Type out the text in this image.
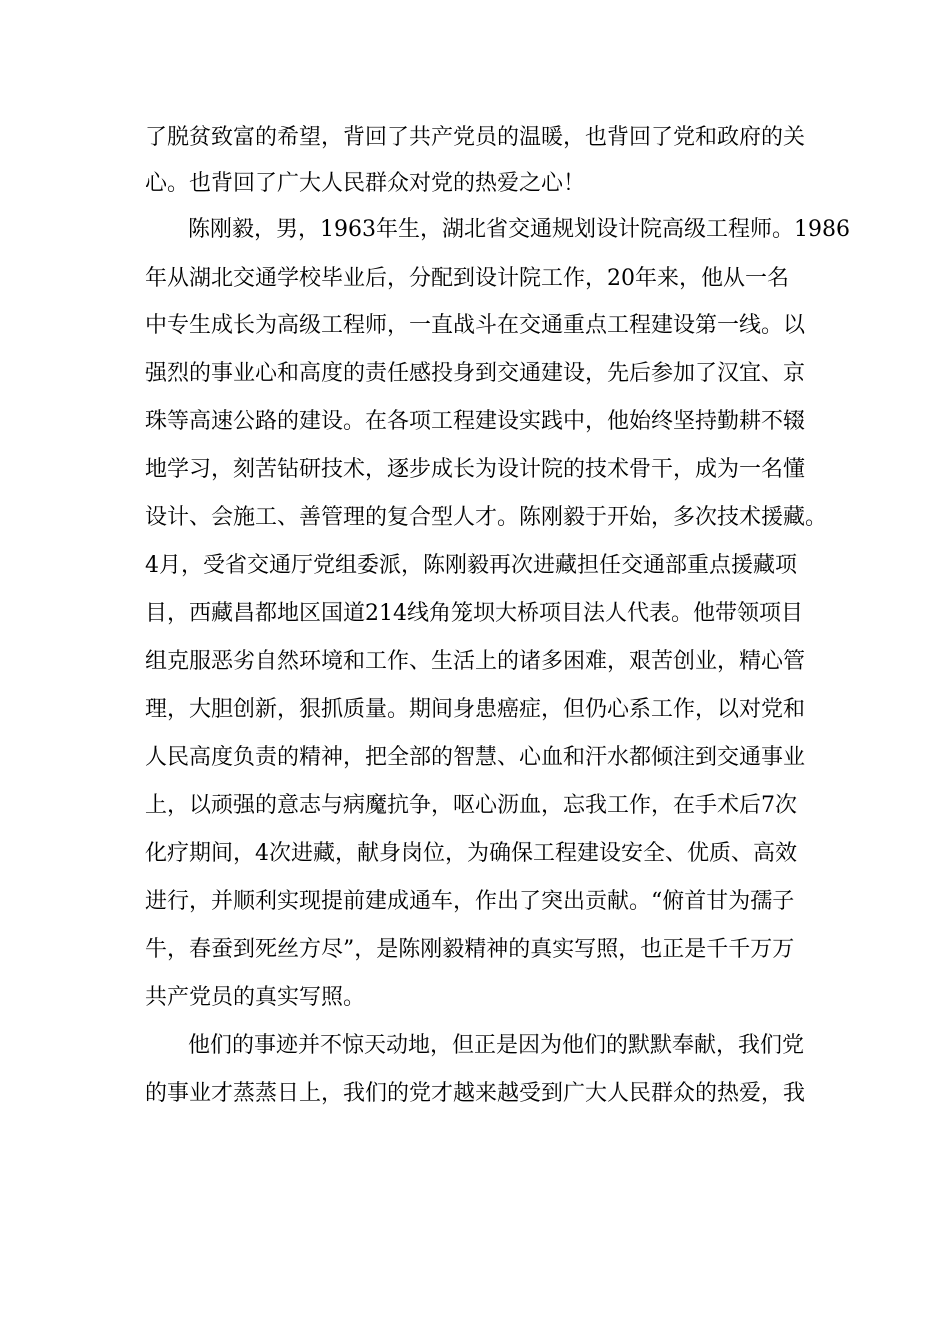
了脱贫致富的希望，背回了共产党员的温暖，也背回了党和政府的关
心。也背回了广大人民群众对党的热爱之心！
陈刚毅，男，1963年生，湖北省交通规划设计院高级工程师。1986
年从湖北交通学校毕业后，分配到设计院工作，20年来，他从一名
中专生成长为高级工程师，一直战斗在交通重点工程建设第一线。以
强烈的事业心和高度的责任感投身到交通建设，先后参加了汉宜、京
珠等高速公路的建设。在各项工程建设实践中，他始终坚持勤耕不辍
地学习，刻苦钻研技术，逐步成长为设计院的技术骨干，成为一名懂
设计、会施工、善管理的复合型人才。陈刚毅于开始，多次技术援藏。
4月，受省交通厅党组委派，陈刚毅再次进藏担任交通部重点援藏项
目，西藏昌都地区国道214线角笼坝大桥项目法人代表。他带领项目
组克服恶劣自然环境和工作、生活上的诸多困难，艰苦创业，精心管
理，大胆创新，狠抓质量。期间身患癌症，但仍心系工作，以对党和
人民高度负责的精神，把全部的智慧、心血和汗水都倾注到交通事业
上，以顽强的意志与病魔抗争，呕心沥血，忘我工作，在手术后7次
化疗期间，4次进藏，献身岗位，为确保工程建设安全、优质、高效
进行，并顺利实现提前建成通车，作出了突出贡献。“俯首甘为孺子
牛，春蚕到死丝方尽”，是陈刚毅精神的真实写照，也正是千千万万
共产党员的真实写照。
他们的事迹并不惊天动地，但正是因为他们的默默奉献，我们党
的事业才蒸蒸日上，我们的党才越来越受到广大人民群众的热爱，我
